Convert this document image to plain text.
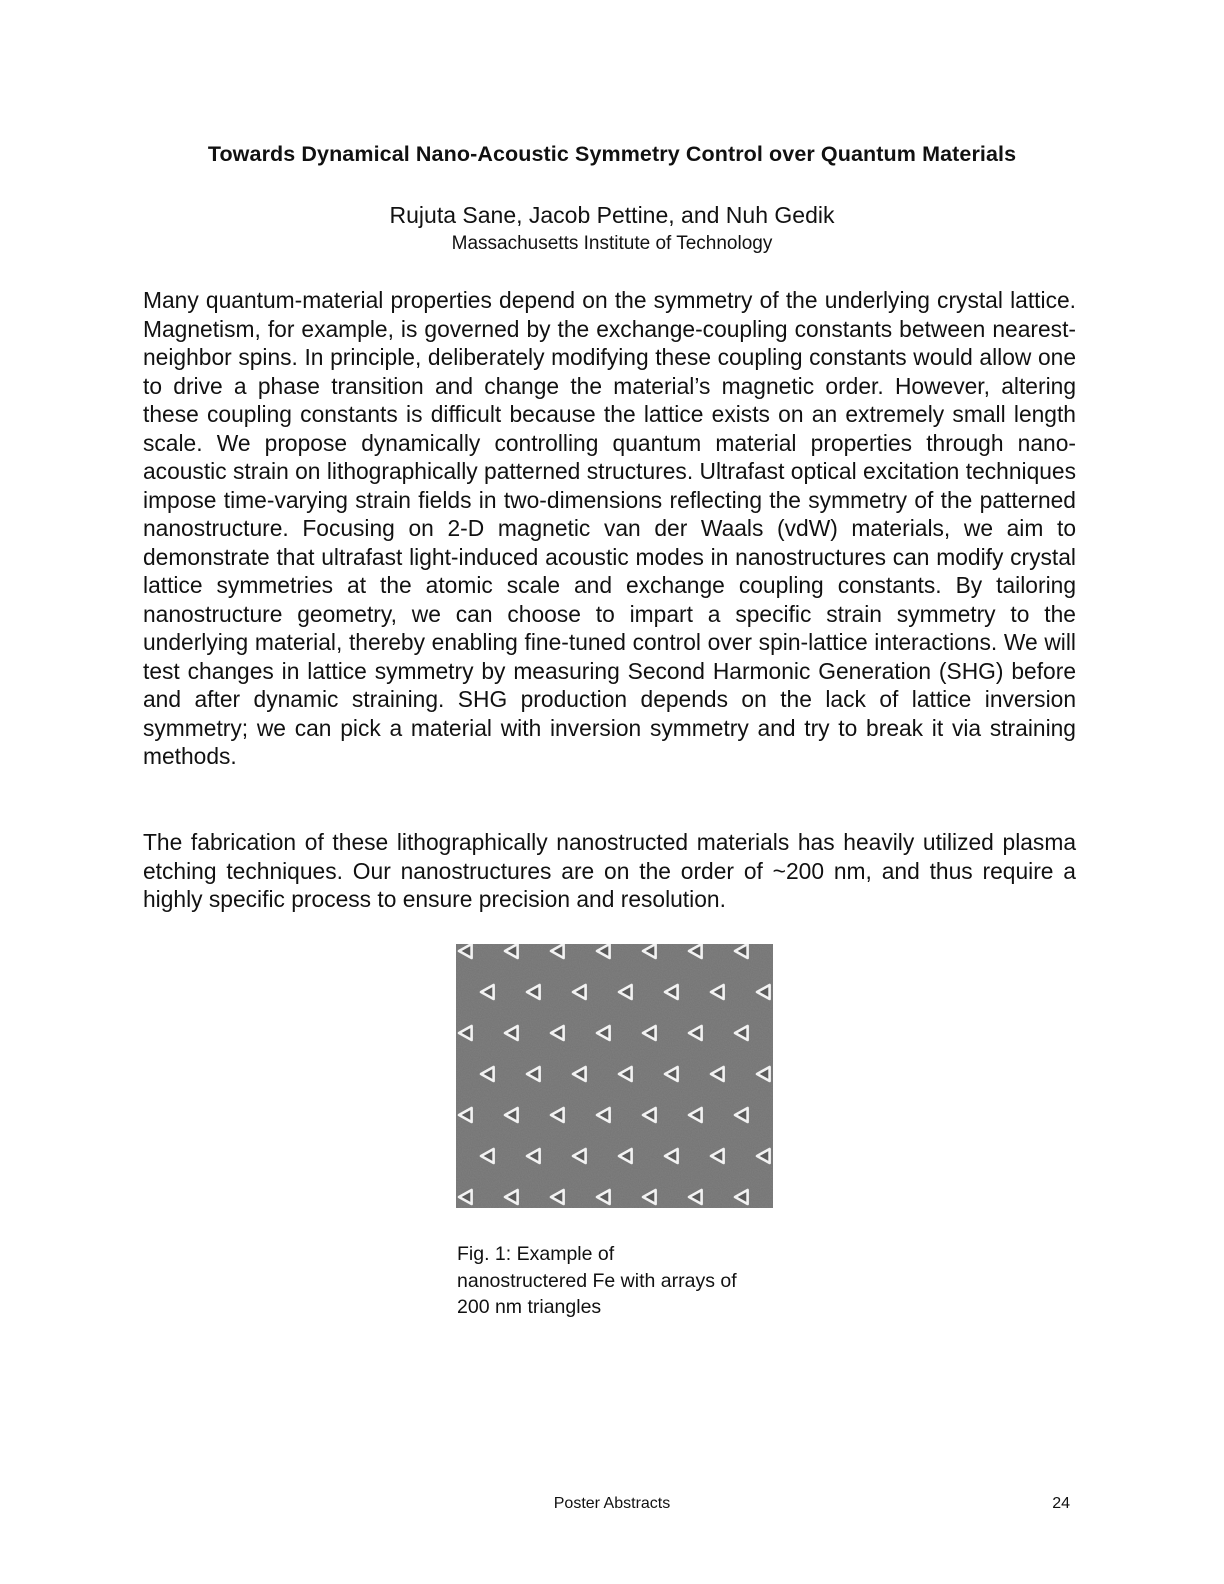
Towards Dynamical Nano-Acoustic Symmetry Control over Quantum Materials
Rujuta Sane, Jacob Pettine, and Nuh Gedik
Massachusetts Institute of Technology

Many quantum-material properties depend on the symmetry of the underlying crystal lattice. Magnetism, for example, is governed by the exchange-coupling constants between nearest-neighbor spins. In principle, deliberately modifying these coupling constants would allow one to drive a phase transition and change the material’s magnetic order. However, altering these coupling constants is difficult because the lattice exists on an extremely small length scale. We propose dynamically controlling quantum material properties through nano- acoustic strain on lithographically patterned structures. Ultrafast optical excitation techniques impose time-varying strain fields in two-dimensions reflecting the symmetry of the patterned nanostructure. Focusing on 2-D magnetic van der Waals (vdW) materials, we aim to demonstrate that ultrafast light-induced acoustic modes in nanostructures can modify crystal lattice symmetries at the atomic scale and exchange coupling constants. By tailoring nanostructure geometry, we can choose to impart a specific strain symmetry to the underlying material, thereby enabling fine-tuned control over spin-lattice interactions. We will test changes in lattice symmetry by measuring Second Harmonic Generation (SHG) before and after dynamic straining. SHG production depends on the lack of lattice inversion symmetry; we can pick a material with inversion symmetry and try to break it via straining methods.

The fabrication of these lithographically nanostructed materials has heavily utilized plasma etching techniques. Our nanostructures are on the order of ~200 nm, and thus require a highly specific process to ensure precision and resolution.

Fig. 1: Example of
nanostructered Fe with arrays of
200 nm triangles
Poster Abstracts	24
